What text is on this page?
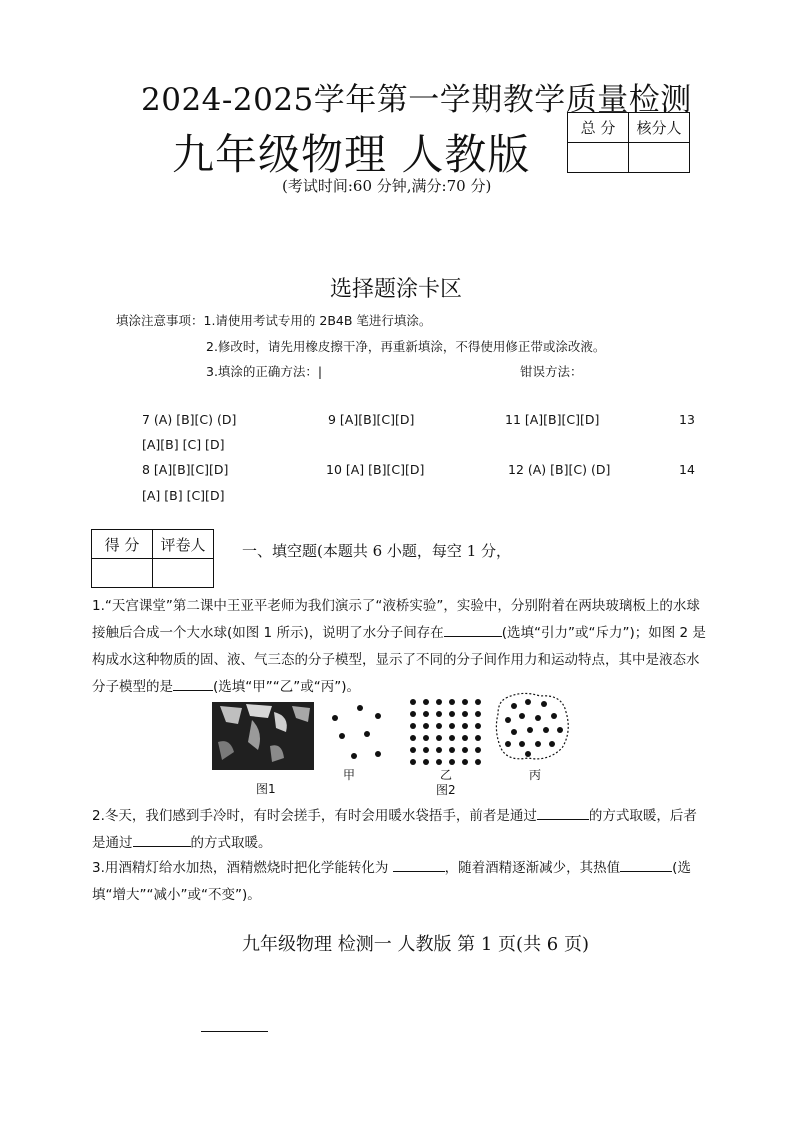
2024-2025学年第一学期教学质量检测
九年级物理 人教版
(考试时间:60 分钟,满分:70 分)
总 分	核分人

选择题涂卡区
填涂注意事项：1.请使用考试专用的 2B4B 笔进行填涂。
2.修改时，请先用橡皮擦干净，再重新填涂，不得使用修正带或涂改液。
3.填涂的正确方法：|	钳误方法：
7 (A) [B][C) (D]	9 [A][B][C][D]	11 [A][B][C][D]	13
[A][B] [C] [D]
8 [A][B][C][D]	10 [A] [B][C][D]	12 (A) [B][C) (D]	14
[A] [B] [C][D]
得 分	评卷人
	一、填空题(本题共 6 小题，每空 1 分，
1.“天宫课堂”第二课中王亚平老师为我们演示了“液桥实验”，实验中，分别附着在两块玻璃板上的水球接触后合成一个大水球(如图 1 所示)，说明了水分子间存在	(选填“引力”或“斥力”)；如图 2 是构成水这种物质的固、液、气三态的分子模型，显示了不同的分子间作用力和运动特点，其中是液态水分子模型的是	(选填“甲”“乙”或“丙”)。
图1
甲	乙	丙
图2
2.冬天，我们感到手冷时，有时会搓手，有时会用暖水袋捂手，前者是通过	的方式取暖，后者是通过	的方式取暖。
3.用酒精灯给水加热，酒精燃烧时把化学能转化为	，随着酒精逐渐减少，其热值	(选填“增大”“减小”或“不变”)。
九年级物理 检测一 人教版 第 1 页(共 6 页)
